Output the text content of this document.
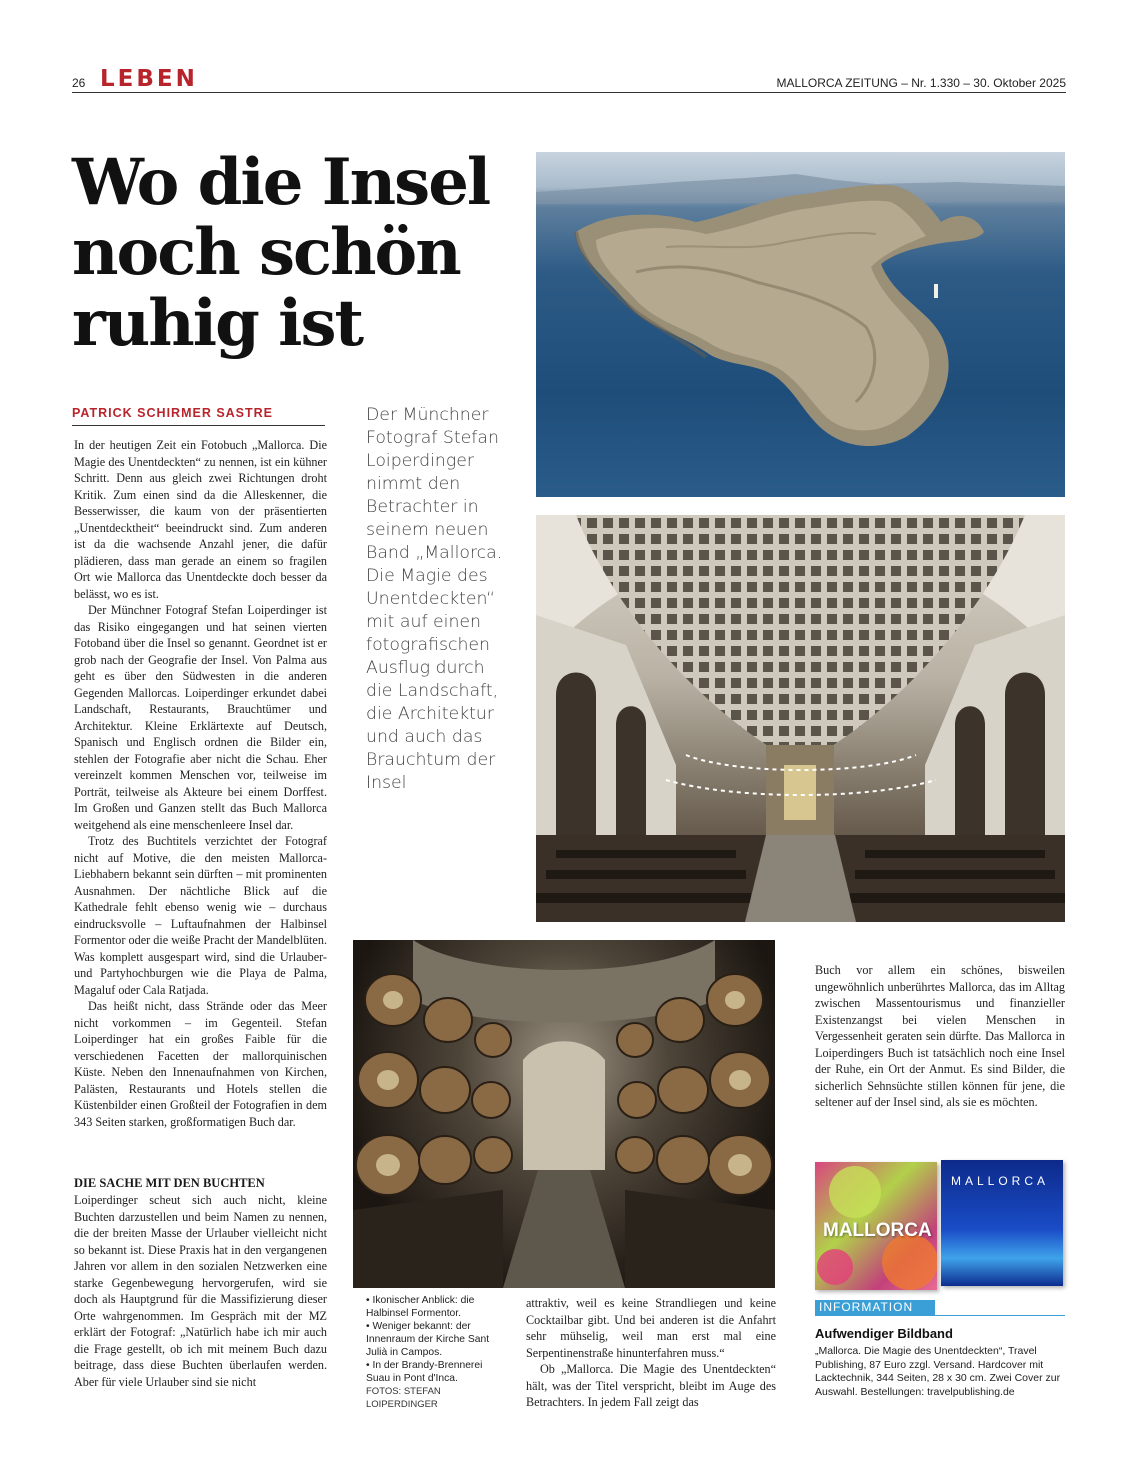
26 LEBEN	MALLORCA ZEITUNG – Nr. 1.330 – 30. Oktober 2025
Wo die Insel noch schön ruhig ist
PATRICK SCHIRMER SASTRE

In der heutigen Zeit ein Fotobuch „Mallorca. Die Magie des Unentdeckten“ zu nennen, ist ein kühner Schritt. Denn aus gleich zwei Richtungen droht Kritik. Zum einen sind da die Alleskenner, die Besserwisser, die kaum von der präsentierten „Unentdecktheit“ beeindruckt sind. Zum anderen ist da die wachsende Anzahl jener, die dafür plädieren, dass man gerade an einem so fragilen Ort wie Mallorca das Unentdeckte doch besser da belässt, wo es ist.

Der Münchner Fotograf Stefan Loiperdinger ist das Risiko eingegangen und hat seinen vierten Fotoband über die Insel so genannt. Geordnet ist er grob nach der Geografie der Insel. Von Palma aus geht es über den Südwesten in die anderen Gegenden Mallorcas. Loiperdinger erkundet dabei Landschaft, Restaurants, Brauchtümer und Architektur. Kleine Erklärtexte auf Deutsch, Spanisch und Englisch ordnen die Bilder ein, stehlen der Fotografie aber nicht die Schau. Eher vereinzelt kommen Menschen vor, teilweise im Porträt, teilweise als Akteure bei einem Dorffest. Im Großen und Ganzen stellt das Buch Mallorca weitgehend als eine menschenleere Insel dar.

Trotz des Buchtitels verzichtet der Fotograf nicht auf Motive, die den meisten Mallorca-Liebhabern bekannt sein dürften – mit prominenten Ausnahmen. Der nächtliche Blick auf die Kathedrale fehlt ebenso wenig wie – durchaus eindrucksvolle – Luftaufnahmen der Halbinsel Formentor oder die weiße Pracht der Mandelblüten. Was komplett ausgespart wird, sind die Urlauber- und Partyhochburgen wie die Playa de Palma, Magaluf oder Cala Ratjada.

Das heißt nicht, dass Strände oder das Meer nicht vorkommen – im Gegenteil. Stefan Loiperdinger hat ein großes Faible für die verschiedenen Facetten der mallorquinischen Küste. Neben den Innenaufnahmen von Kirchen, Palästen, Restaurants und Hotels stellen die Küstenbilder einen Großteil der Fotografien in dem 343 Seiten starken, großformatigen Buch dar.

DIE SACHE MIT DEN BUCHTEN

Loiperdinger scheut sich auch nicht, kleine Buchten darzustellen und beim Namen zu nennen, die der breiten Masse der Urlauber vielleicht nicht so bekannt ist. Diese Praxis hat in den vergangenen Jahren vor allem in den sozialen Netzwerken eine starke Gegenbewegung hervorgerufen, wird sie doch als Hauptgrund für die Massifizierung dieser Orte wahrgenommen. Im Gespräch mit der MZ erklärt der Fotograf: „Natürlich habe ich mir auch die Frage gestellt, ob ich mit meinem Buch dazu beitrage, dass diese Buchten überlaufen werden. Aber für viele Urlauber sind sie nicht

Der Münchner Fotograf Stefan Loiperdinger nimmt den Betrachter in seinem neuen Band „Mallorca. Die Magie des Unentdeckten“ mit auf einen fotografischen Ausflug durch die Landschaft, die Architektur und auch das Brauchtum der Insel
• Ikonischer Anblick: die Halbinsel Formentor.
• Weniger bekannt: der Innenraum der Kirche Sant Julià in Campos.
• In der Brandy-Brennerei Suau in Pont d'Inca.
FOTOS: STEFAN LOIPERDINGER

attraktiv, weil es keine Strandliegen und keine Cocktailbar gibt. Und bei anderen ist die Anfahrt sehr mühselig, weil man erst mal eine Serpentinenstraße hinunterfahren muss.“

Ob „Mallorca. Die Magie des Unentdeckten“ hält, was der Titel verspricht, bleibt im Auge des Betrachters. In jedem Fall zeigt das

Buch vor allem ein schönes, bisweilen ungewöhnlich unberührtes Mallorca, das im Alltag zwischen Massentourismus und finanzieller Existenzangst bei vielen Menschen in Vergessenheit geraten sein dürfte. Das Mallorca in Loiperdingers Buch ist tatsächlich noch eine Insel der Ruhe, ein Ort der Anmut. Es sind Bilder, die sicherlich Sehnsüchte stillen können für jene, die seltener auf der Insel sind, als sie es möchten.

MALLORCA
MALLORCA
INFORMATION
Aufwendiger Bildband
„Mallorca. Die Magie des Unentdeckten“, Travel Publishing, 87 Euro zzgl. Versand. Hardcover mit Lacktechnik, 344 Seiten, 28 x 30 cm. Zwei Cover zur Auswahl. Bestellungen: travelpublishing.de
